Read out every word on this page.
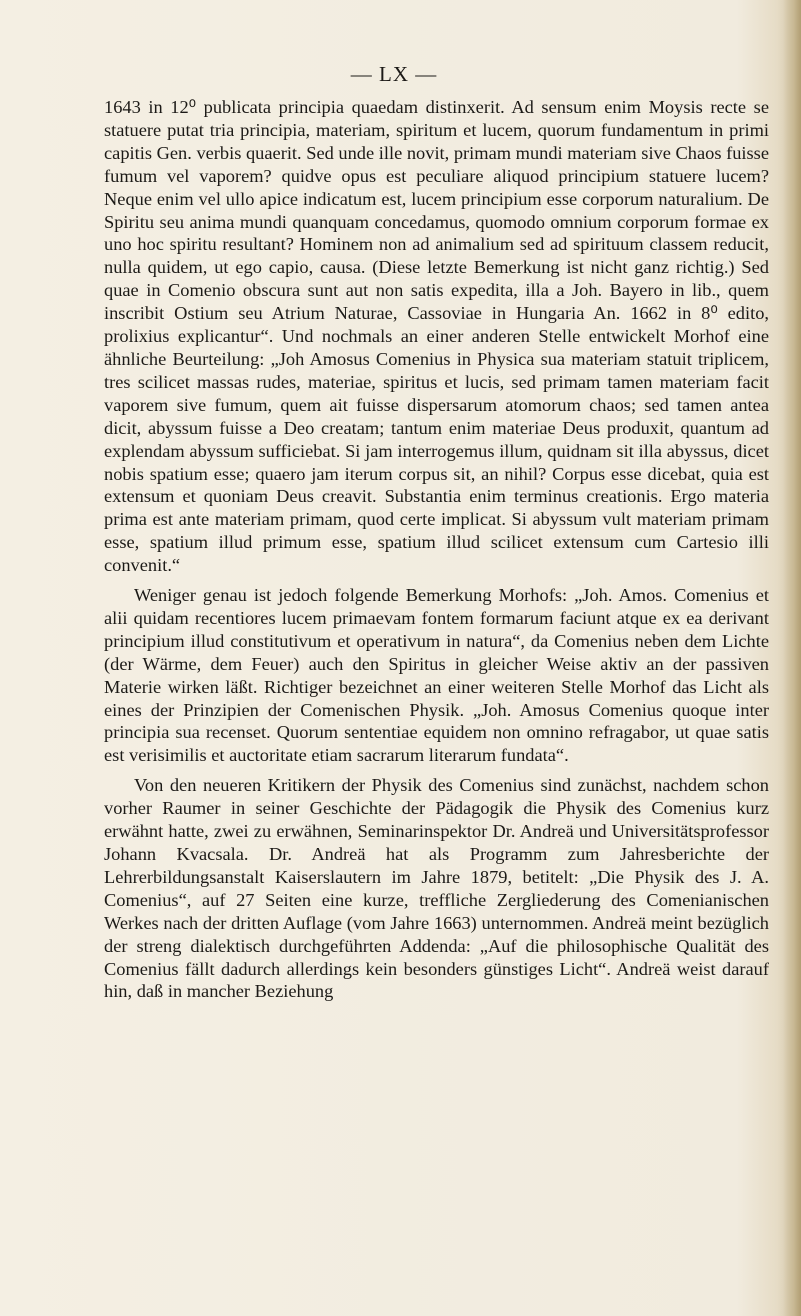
— LX —

1643 in 12⁰ publicata principia quaedam distinxerit. Ad sensum enim Moysis recte se statuere putat tria principia, materiam, spiritum et lucem, quorum fundamentum in primi capitis Gen. verbis quaerit. Sed unde ille novit, primam mundi materiam sive Chaos fuisse fumum vel vaporem? quidve opus est peculiare aliquod principium statuere lucem? Neque enim vel ullo apice indicatum est, lucem principium esse corporum naturalium. De Spiritu seu anima mundi quanquam concedamus, quomodo omnium corporum formae ex uno hoc spiritu resultant? Hominem non ad animalium sed ad spirituum classem reducit, nulla quidem, ut ego capio, causa. (Diese letzte Bemerkung ist nicht ganz richtig.) Sed quae in Comenio obscura sunt aut non satis expedita, illa a Joh. Bayero in lib., quem inscribit Ostium seu Atrium Naturae, Cassoviae in Hungaria An. 1662 in 8⁰ edito, prolixius explicantur“. Und nochmals an einer anderen Stelle entwickelt Morhof eine ähnliche Beurteilung: „Joh Amosus Comenius in Physica sua materiam statuit triplicem, tres scilicet massas rudes, materiae, spiritus et lucis, sed primam tamen materiam facit vaporem sive fumum, quem ait fuisse dispersarum atomorum chaos; sed tamen antea dicit, abyssum fuisse a Deo creatam; tantum enim materiae Deus produxit, quantum ad explendam abyssum sufficiebat. Si jam interrogemus illum, quidnam sit illa abyssus, dicet nobis spatium esse; quaero jam iterum corpus sit, an nihil? Corpus esse dicebat, quia est extensum et quoniam Deus creavit. Substantia enim terminus creationis. Ergo materia prima est ante materiam primam, quod certe implicat. Si abyssum vult materiam primam esse, spatium illud primum esse, spatium illud scilicet extensum cum Cartesio illi convenit.“

Weniger genau ist jedoch folgende Bemerkung Morhofs: „Joh. Amos. Comenius et alii quidam recentiores lucem primaevam fontem formarum faciunt atque ex ea derivant principium illud constitutivum et operativum in natura“, da Comenius neben dem Lichte (der Wärme, dem Feuer) auch den Spiritus in gleicher Weise aktiv an der passiven Materie wirken läßt. Richtiger bezeichnet an einer weiteren Stelle Morhof das Licht als eines der Prinzipien der Comenischen Physik. „Joh. Amosus Comenius quoque inter principia sua recenset. Quorum sententiae equidem non omnino refragabor, ut quae satis est verisimilis et auctoritate etiam sacrarum literarum fundata“.

Von den neueren Kritikern der Physik des Comenius sind zunächst, nachdem schon vorher Raumer in seiner Geschichte der Pädagogik die Physik des Comenius kurz erwähnt hatte, zwei zu erwähnen, Seminarinspektor Dr. Andreä und Universitätsprofessor Johann Kvacsala. Dr. Andreä hat als Programm zum Jahresberichte der Lehrerbildungsanstalt Kaiserslautern im Jahre 1879, betitelt: „Die Physik des J. A. Comenius“, auf 27 Seiten eine kurze, treffliche Zergliederung des Comenianischen Werkes nach der dritten Auflage (vom Jahre 1663) unternommen. Andreä meint bezüglich der streng dialektisch durchgeführten Addenda: „Auf die philosophische Qualität des Comenius fällt dadurch allerdings kein besonders günstiges Licht“. Andreä weist darauf hin, daß in mancher Beziehung
